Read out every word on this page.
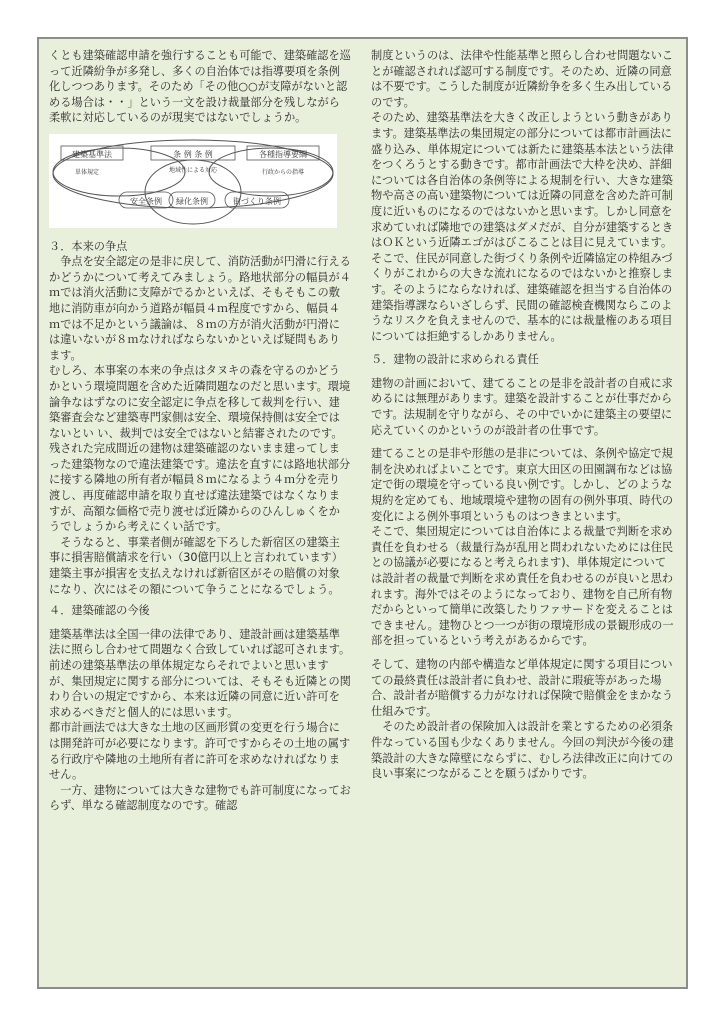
くとも建築確認申請を強行することも可能で、建築確認を巡って近隣紛争が多発し、多くの自治体では指導要項を条例化しつつあります。そのため「その他○○が支障がないと認める場合は・・」という一文を設け裁量部分を残しながら柔軟に対応しているのが現実ではないでしょうか。

建築基準法
単体規定
条 例 条 例
地域性による対応
各種指導要綱
行政からの指導
安全条例 緑化条例	街づくり条例
３．本来の争点

　争点を安全認定の是非に戻して、消防活動が円滑に行えるかどうかについて考えてみましょう。路地状部分の幅員が４ｍでは消火活動に支障がでるかといえば、そもそもこの敷地に消防車が向かう道路が幅員４ｍ程度ですから、幅員４ｍでは不足かという議論は、８ｍの方が消火活動が円滑には違いないが８ｍなければならないかといえば疑問もあります。

むしろ、本事案の本来の争点はタヌキの森を守るのかどうかという環境問題を含めた近隣問題なのだと思います。環境論争なはずなのに安全認定に争点を移して裁判を行い、建築審査会など建築専門家側は安全、環境保持側は安全ではないとい い、裁判では安全ではないと結審されたのです。

残された完成間近の建物は建築確認のないまま建ってしまった建築物なので違法建築です。違法を直すには路地状部分に接する隣地の所有者が幅員８ｍになるよう４ｍ分を売り渡し、再度確認申請を取り直せば違法建築ではなくなりますが、高額な価格で売り渡せば近隣からのひんしゅくをかうでしょうから考えにくい話です。

　そうなると、事業者側が確認を下ろした新宿区の建築主事に損害賠償請求を行い（30億円以上と言われています）建築主事が損害を支払えなければ新宿区がその賠償の対象になり、次にはその額について争うことになるでしょう。

４．建築確認の今後

建築基準法は全国一律の法律であり、建設計画は建築基準法に照らし合わせて問題なく合致していれば認可されます。前述の建築基準法の単体規定ならそれでよいと思いますが、集団規定に関する部分については、そもそも近隣との関わり合いの規定ですから、本来は近隣の同意に近い許可を求めるべきだと個人的には思います。

都市計画法では大きな土地の区画形質の変更を行う場合には開発許可が必要になります。許可ですからその土地の属する行政庁や隣地の土地所有者に許可を求めなければなりません。

　一方、建物については大きな建物でも許可制度になっておらず、単なる確認制度なのです。確認

制度というのは、法律や性能基準と照らし合わせ問題ないことが確認されれば認可する制度です。そのため、近隣の同意は不要です。こうした制度が近隣紛争を多く生み出しているのです。

そのため、建築基準法を大きく改正しようという動きがあります。建築基準法の集団規定の部分については都市計画法に盛り込み、単体規定については新たに建築基本法という法律をつくろうとする動きです。都市計画法で大枠を決め、詳細については各自治体の条例等による規制を行い、大きな建築物や高さの高い建築物については近隣の同意を含めた許可制度に近いものになるのではないかと思います。しかし同意を求めていれば隣地での建築はダメだが、自分が建築するときはＯＫという近隣エゴがはびこることは目に見えています。そこで、住民が同意した街づくり条例や近隣協定の枠組みづくりがこれからの大きな流れになるのではないかと推察します。そのようにならなければ、建築確認を担当する自治体の建築指導課ならいざしらず、民間の確認検査機関ならこのようなリスクを負えませんので、基本的には裁量権のある項目については拒絶するしかありません。

５．建物の設計に求められる責任

建物の計画において、建てることの是非を設計者の自戒に求めるには無理があります。建築を設計することが仕事だからです。法規制を守りながら、その中でいかに建築主の要望に応えていくのかというのが設計者の仕事です。

建てることの是非や形態の是非については、条例や協定で規制を決めればよいことです。東京大田区の田園調布などは協定で街の環境を守っている良い例です。しかし、どのような規約を定めても、地域環境や建物の固有の例外事項、時代の変化による例外事項というものはつきまといます。

そこで、集団規定については自治体による裁量で判断を求め責任を負わせる（裁量行為が乱用と問われないためには住民との協議が必要になると考えられます)、単体規定については設計者の裁量で判断を求め責任を負わせるのが良いと思われます。海外ではそのようになっており、建物を自己所有物だからといって簡単に改築したりファサードを変えることはできません。建物ひとつ一つが街の環境形成の景観形成の一部を担っているという考えがあるからです。

そして、建物の内部や構造など単体規定に関する項目についての最終責任は設計者に負わせ、設計に瑕疵等があった場合、設計者が賠償する力がなければ保険で賠償金をまかなう仕組みです。

　そのため設計者の保険加入は設計を業とするための必須条件なっている国も少なくありません。今回の判決が今後の建築設計の大きな障壁にならずに、むしろ法律改正に向けての良い事案につながることを願うばかりです。
